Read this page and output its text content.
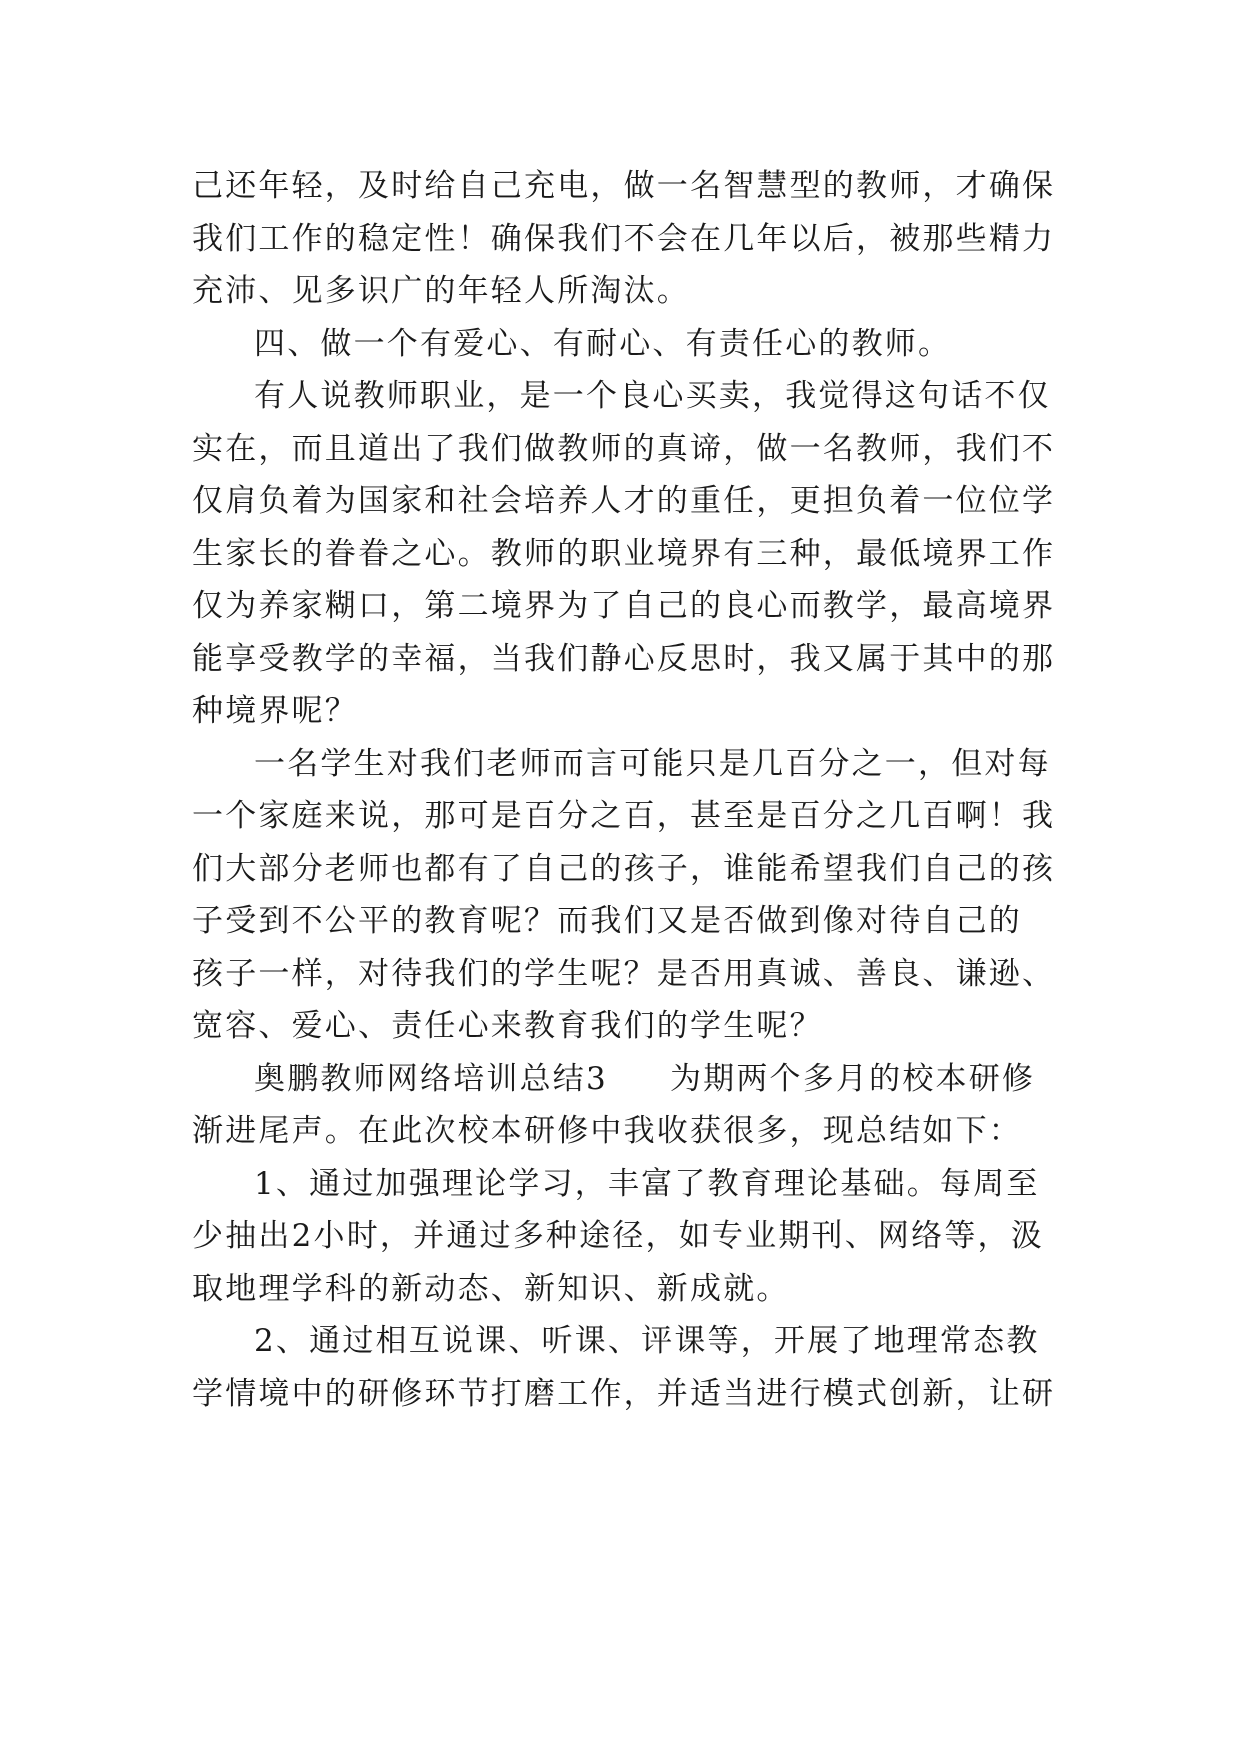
己还年轻，及时给自己充电，做一名智慧型的教师，才确保
我们工作的稳定性！确保我们不会在几年以后，被那些精力
充沛、见多识广的年轻人所淘汰。
四、做一个有爱心、有耐心、有责任心的教师。
有人说教师职业，是一个良心买卖，我觉得这句话不仅
实在，而且道出了我们做教师的真谛，做一名教师，我们不
仅肩负着为国家和社会培养人才的重任，更担负着一位位学
生家长的眷眷之心。教师的职业境界有三种，最低境界工作
仅为养家糊口，第二境界为了自己的良心而教学，最高境界
能享受教学的幸福，当我们静心反思时，我又属于其中的那
种境界呢？
一名学生对我们老师而言可能只是几百分之一，但对每
一个家庭来说，那可是百分之百，甚至是百分之几百啊！我
们大部分老师也都有了自己的孩子，谁能希望我们自己的孩
子受到不公平的教育呢？而我们又是否做到像对待自己的
孩子一样，对待我们的学生呢？是否用真诚、善良、谦逊、
宽容、爱心、责任心来教育我们的学生呢？
奥鹏教师网络培训总结3 为期两个多月的校本研修
渐进尾声。在此次校本研修中我收获很多，现总结如下：
1、通过加强理论学习，丰富了教育理论基础。每周至
少抽出2小时，并通过多种途径，如专业期刊、网络等，汲
取地理学科的新动态、新知识、新成就。
2、通过相互说课、听课、评课等，开展了地理常态教
学情境中的研修环节打磨工作，并适当进行模式创新，让研
